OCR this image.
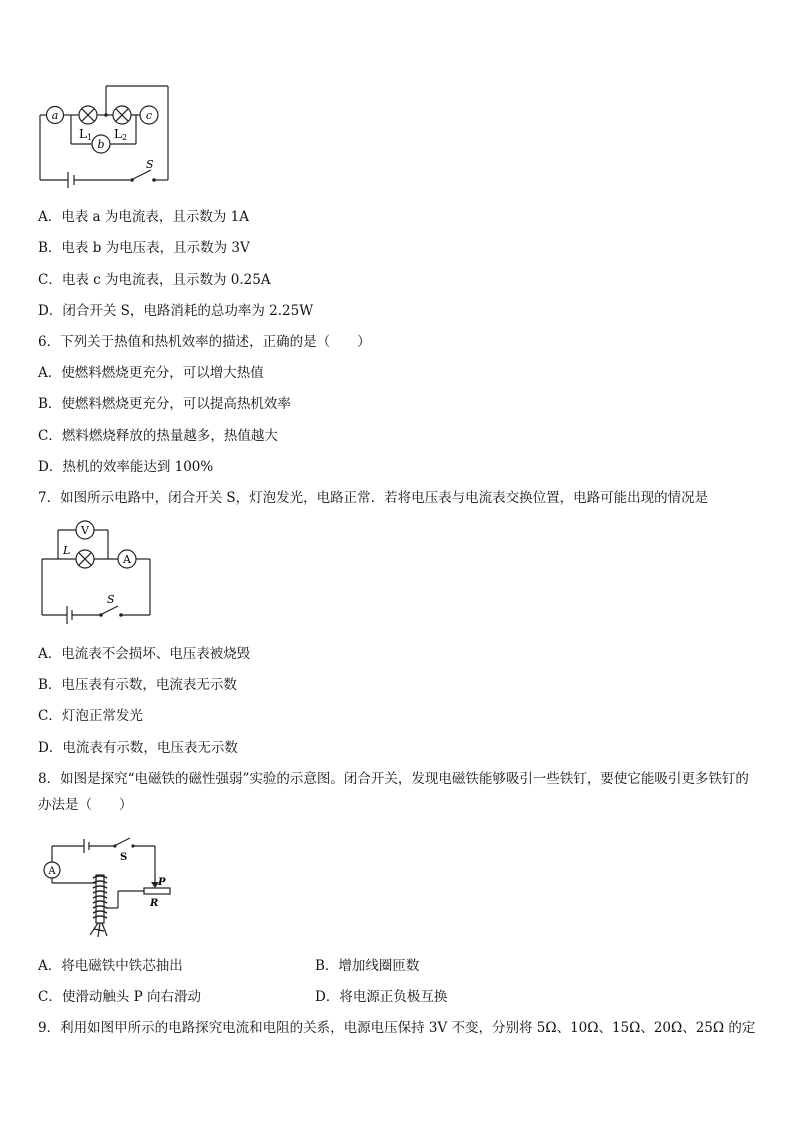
a
b
c
L1 L2
S
A．电表 a 为电流表，且示数为 1A
B．电表 b 为电压表，且示数为 3V
C．电表 c 为电流表，且示数为 0.25A
D．闭合开关 S，电路消耗的总功率为 2.25W
6．下列关于热值和热机效率的描述，正确的是（　　）
A．使燃料燃烧更充分，可以增大热值
B．使燃料燃烧更充分，可以提高热机效率
C．燃料燃烧释放的热量越多，热值越大
D．热机的效率能达到 100%
7．如图所示电路中，闭合开关 S，灯泡发光，电路正常．若将电压表与电流表交换位置，电路可能出现的情况是
V
A
L
S
A．电流表不会损坏、电压表被烧毁
B．电压表有示数，电流表无示数
C．灯泡正常发光
D．电流表有示数，电压表无示数
8．如图是探究“电磁铁的磁性强弱”实验的示意图。闭合开关，发现电磁铁能够吸引一些铁钉，要使它能吸引更多铁钉的办法是（　　）
A
S
P
R
A．将电磁铁中铁芯抽出	B．增加线圈匝数
C．使滑动触头 P 向右滑动	D．将电源正负极互换
9．利用如图甲所示的电路探究电流和电阻的关系，电源电压保持 3V 不变，分别将 5Ω、10Ω、15Ω、20Ω、25Ω 的定
